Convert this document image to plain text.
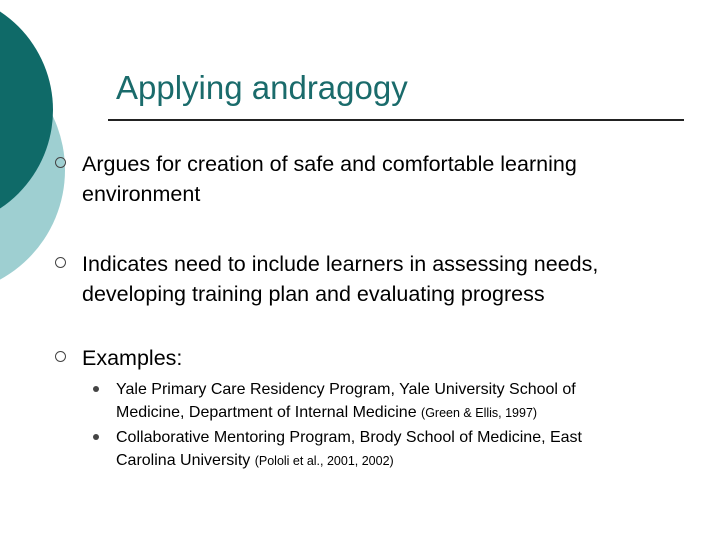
Applying andragogy
Argues for creation of safe and comfortable learning environment
Indicates need to include learners in assessing needs, developing training plan and evaluating progress
Examples:
Yale Primary Care Residency Program, Yale University School of Medicine, Department of Internal Medicine (Green & Ellis, 1997)
Collaborative Mentoring Program, Brody School of Medicine, East Carolina University (Pololi et al., 2001, 2002)
